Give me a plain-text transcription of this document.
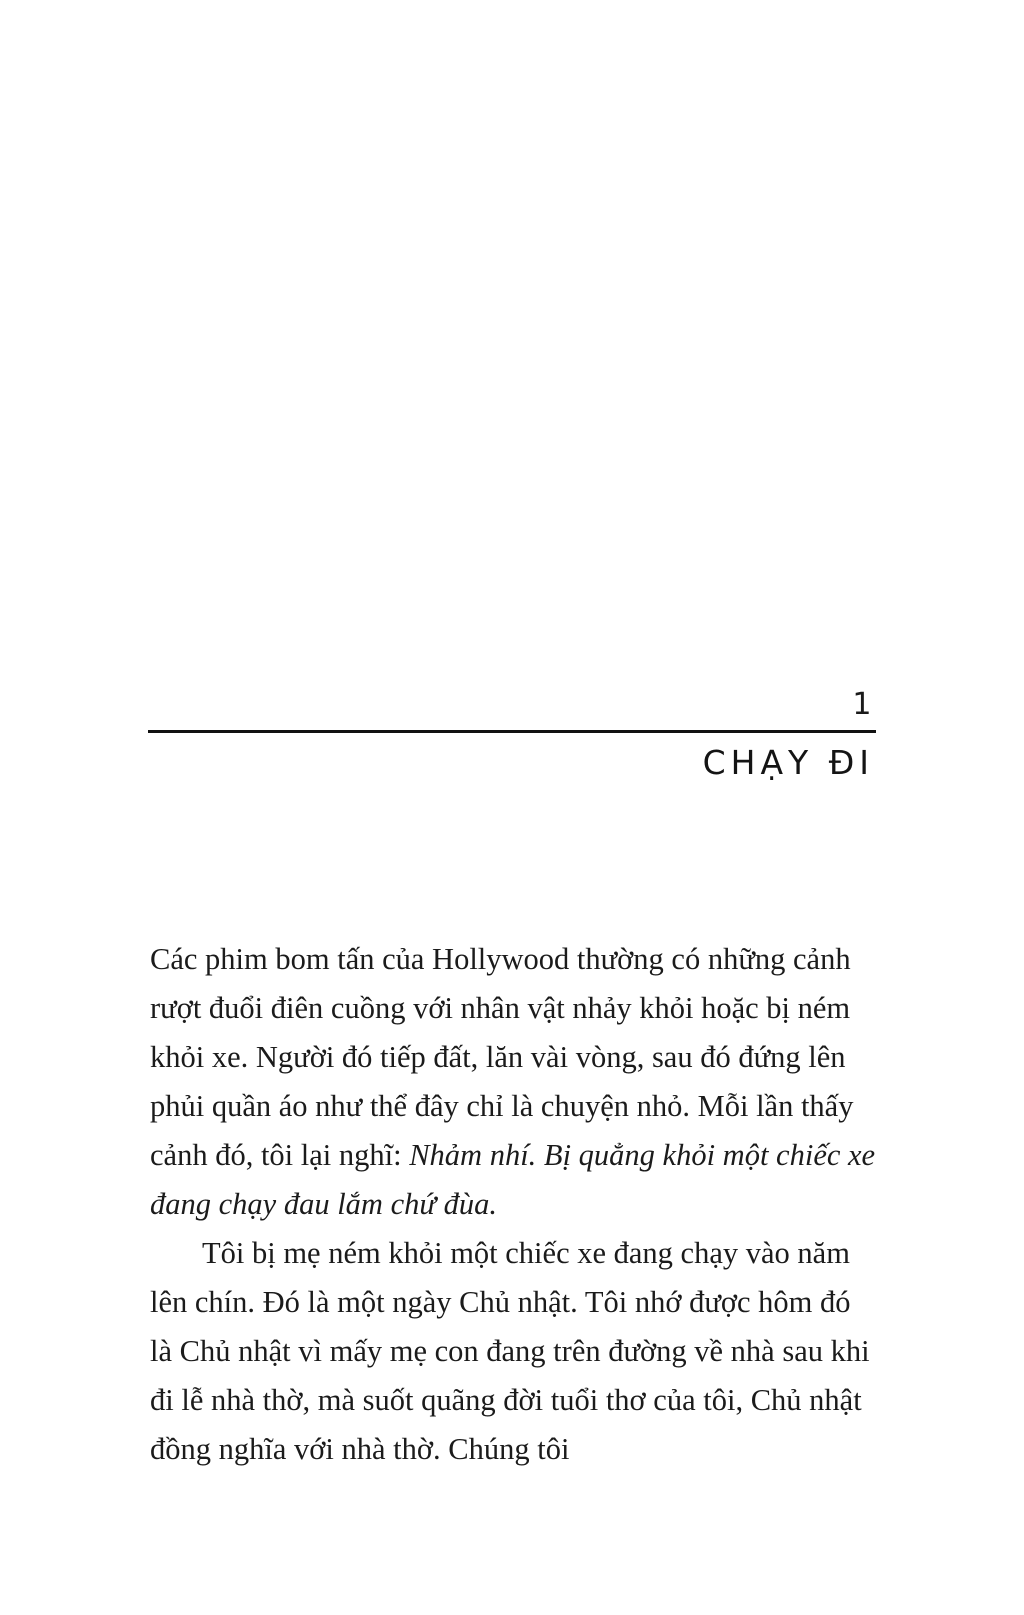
1
CHẠY ĐI

Các phim bom tấn của Hollywood thường có những cảnh rượt đuổi điên cuồng với nhân vật nhảy khỏi hoặc bị ném khỏi xe. Người đó tiếp đất, lăn vài vòng, sau đó đứng lên phủi quần áo như thể đây chỉ là chuyện nhỏ. Mỗi lần thấy cảnh đó, tôi lại nghĩ: Nhảm nhí. Bị quẳng khỏi một chiếc xe đang chạy đau lắm chứ đùa.

Tôi bị mẹ ném khỏi một chiếc xe đang chạy vào năm lên chín. Đó là một ngày Chủ nhật. Tôi nhớ được hôm đó là Chủ nhật vì mấy mẹ con đang trên đường về nhà sau khi đi lễ nhà thờ, mà suốt quãng đời tuổi thơ của tôi, Chủ nhật đồng nghĩa với nhà thờ. Chúng tôi
